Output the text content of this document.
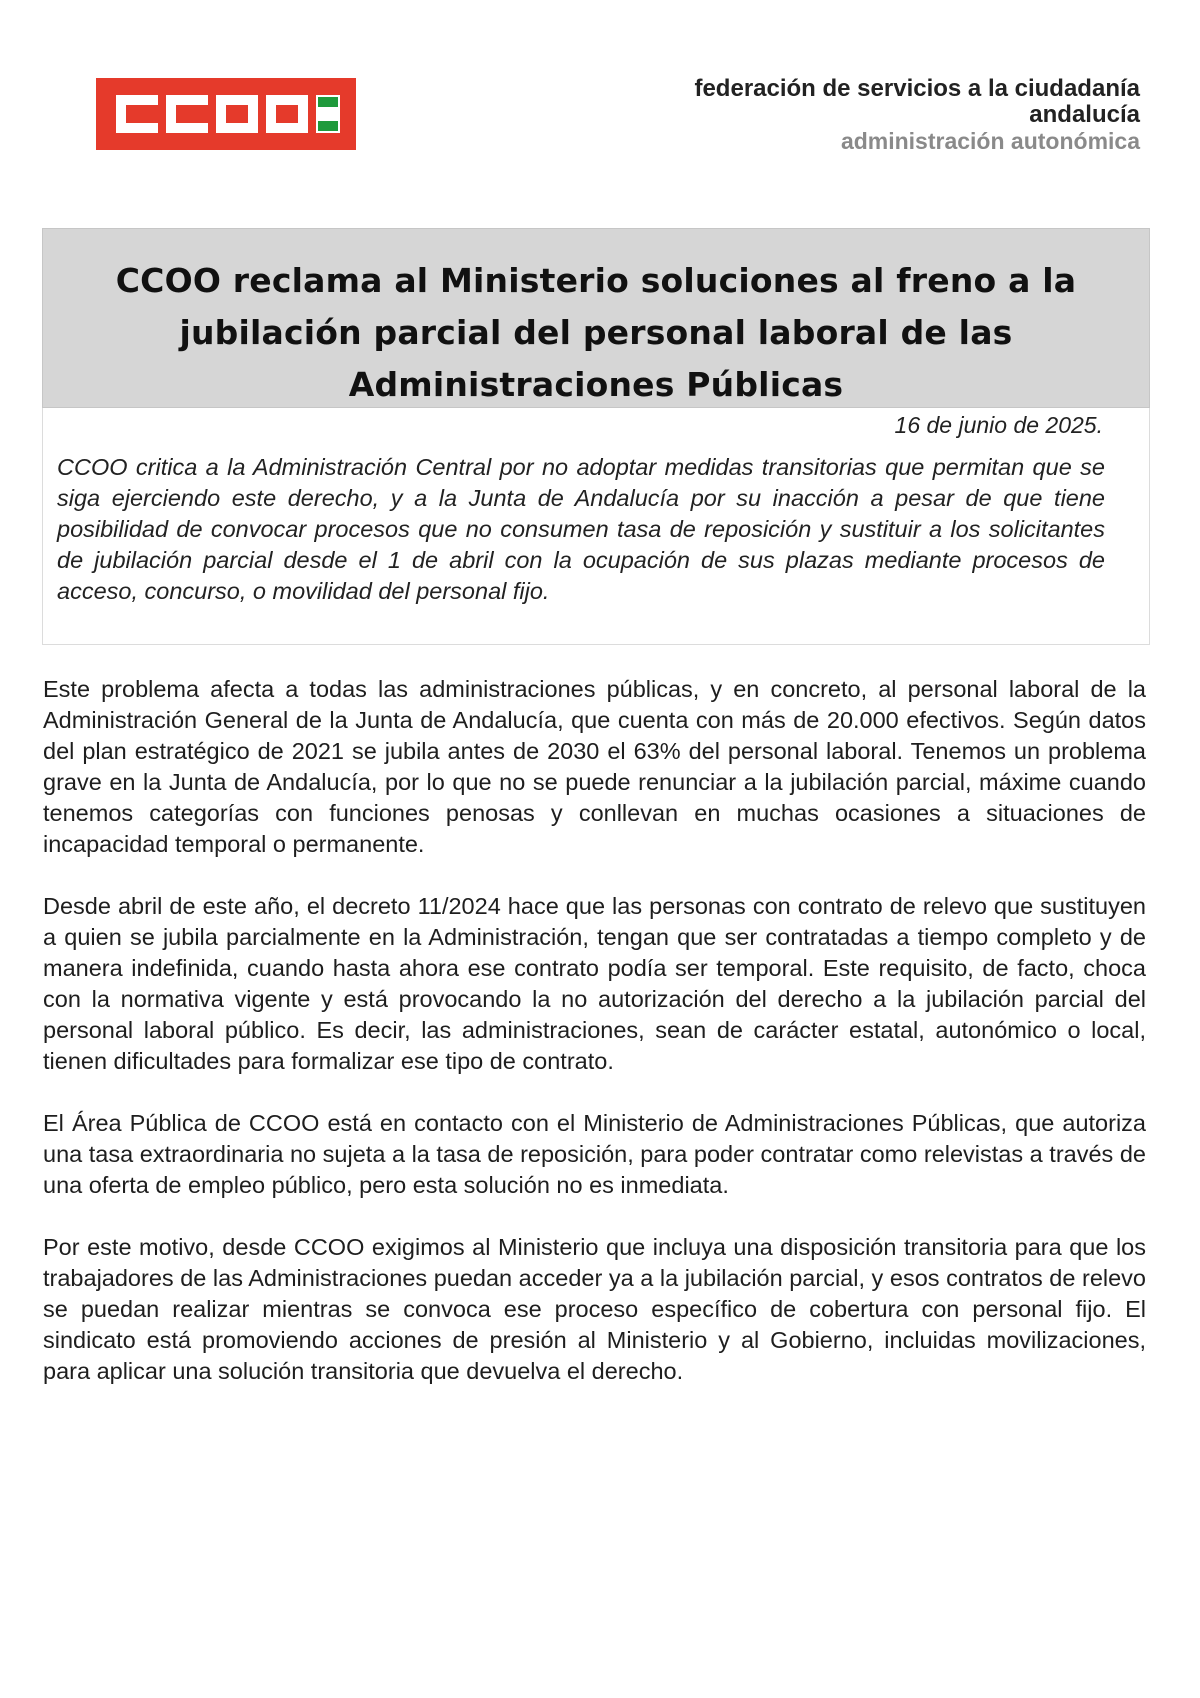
federación de servicios a la ciudadanía
andalucía
administración autonómica
CCOO reclama al Ministerio soluciones al freno a la jubilación parcial del personal laboral de las Administraciones Públicas
16 de junio de 2025.

CCOO critica a la Administración Central por no adoptar medidas transitorias que permitan que se siga ejerciendo este derecho, y a la Junta de Andalucía por su inacción a pesar de que tiene posibilidad de convocar procesos que no consumen tasa de reposición y sustituir a los solicitantes de jubilación parcial desde el 1 de abril con la ocupación de sus plazas mediante procesos de acceso, concurso, o movilidad del personal fijo.

Este problema afecta a todas las administraciones públicas, y en concreto, al personal laboral de la Administración General de la Junta de Andalucía, que cuenta con más de 20.000 efectivos. Según datos del plan estratégico de 2021 se jubila antes de 2030 el 63% del personal laboral. Tenemos un problema grave en la Junta de Andalucía, por lo que no se puede renunciar a la jubilación parcial, máxime cuando tenemos categorías con funciones penosas y conllevan en muchas ocasiones a situaciones de incapacidad temporal o permanente.

Desde abril de este año, el decreto 11/2024 hace que las personas con contrato de relevo que sustituyen a quien se jubila parcialmente en la Administración, tengan que ser contratadas a tiempo completo y de manera indefinida, cuando hasta ahora ese contrato podía ser temporal. Este requisito, de facto, choca con la normativa vigente y está provocando la no autorización del derecho a la jubilación parcial del personal laboral público. Es decir, las administraciones, sean de carácter estatal, autonómico o local, tienen dificultades para formalizar ese tipo de contrato.

El Área Pública de CCOO está en contacto con el Ministerio de Administraciones Públicas, que autoriza una tasa extraordinaria no sujeta a la tasa de reposición, para poder contratar como relevistas a través de una oferta de empleo público, pero esta solución no es inmediata.

Por este motivo, desde CCOO exigimos al Ministerio que incluya una disposición transitoria para que los trabajadores de las Administraciones puedan acceder ya a la jubilación parcial, y esos contratos de relevo se puedan realizar mientras se convoca ese proceso específico de cobertura con personal fijo. El sindicato está promoviendo acciones de presión al Ministerio y al Gobierno, incluidas movilizaciones, para aplicar una solución transitoria que devuelva el derecho.
